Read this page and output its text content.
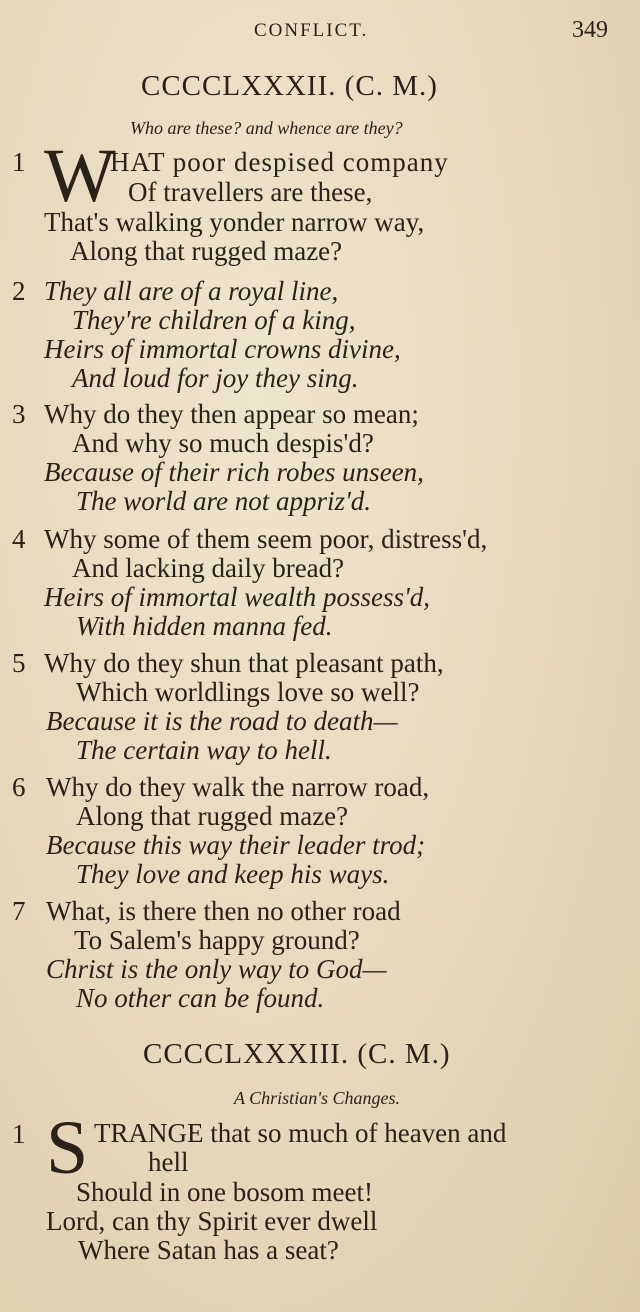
CONFLICT.	349
CCCCLXXXII. (C. M.)
Who are these? and whence are they?
1 W
HAT poor despised company
Of travellers are these,
That's walking yonder narrow way,
Along that rugged maze?
2 They all are of a royal line,
They're children of a king,
Heirs of immortal crowns divine,
And loud for joy they sing.
3 Why do they then appear so mean;
And why so much despis'd?
Because of their rich robes unseen,
The world are not appriz'd.
4 Why some of them seem poor, distress'd,
And lacking daily bread?
Heirs of immortal wealth possess'd,
With hidden manna fed.
5 Why do they shun that pleasant path,
Which worldlings love so well?
Because it is the road to death—
The certain way to hell.
6 Why do they walk the narrow road,
Along that rugged maze?
Because this way their leader trod;
They love and keep his ways.
7 What, is there then no other road
To Salem's happy ground?
Christ is the only way to God—
No other can be found.
CCCCLXXXIII. (C. M.)
A Christian's Changes.
1 S TRANGE that so much of heaven and
hell
Should in one bosom meet!
Lord, can thy Spirit ever dwell
Where Satan has a seat?
